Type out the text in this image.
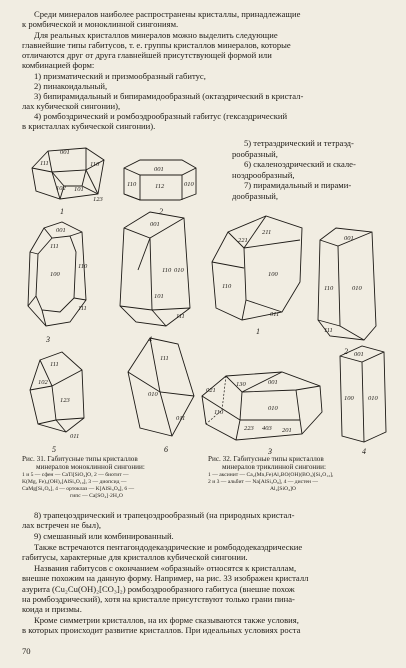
Среди минералов наиболее распространены кристаллы, принадлежащие
к ромбической и моноклинной сингониям.
Для реальных кристаллов минералов можно выделить следующие
главнейшие типы габитусов, т. е. группы кристаллов минералов, которые
отличаются друг от друга главнейшей присутствующей формой или
комбинацией форм:
1) призматический и призмообразный габитус,
2) пинакоидальный,
3) бипирамидальный и бипирамидообразный (октаэдрический в кристал-
лах кубической сингонии),
4) ромбоэдрический и ромбоэдрообразный габитус (гексаэдрический
в кристаллах кубической сингонии).
5) тетраэдрический и тетраэд-
рообразный,
6) скаленоэдрический и скале-
ноэдрообразный,
7) пирамидальный и пирами-
дообразный,
001
111	110
102 101
123
1
001
110	112	010
2
001
111
110
100
111
3
001
110
101
010
111
4
111
102
123
011
5
010
111
011
6
221
211
110
100
011
1
001
110	010
111
2
021
130	001
110
010
223 403 201
3
100 010
001
4
Рис. 31. Габитусные типы кристаллов
минералов моноклинной сингонии:
1 и 5 — сфен — CaTi[SiO₄]O, 2 — биотит —
K(Mg, Fe)₃(OH)₂[AlSi₃O₁₀], 3 — диопсид —
CaMg[Si₂O₆], 4 — ортоклаз — K[AlSi₃O₈], 6 —
гипс — Ca[SO₄]·2H₂O
Рис. 32. Габитусные типы кристаллов
минералов триклинной сингонии:
1 — аксинит — Ca₂(Mn,Fe)Al₂BO(OH)(BO₃)[Si₄O₁₂],
2 и 3 — альбит — Na[AlSi₃O₈], 4 — дистен —
Al₂[SiO₄]O
8) трапецоэдрический и трапецоэдрообразный (на природных кристал-
лах встречен не был),
9) смешанный или комбинированный.
Также встречаются пентагондодекаэдрические и ромбододекаэдрические
габитусы, характерные для кристаллов кубической сингонии.
Названия габитусов с окончанием «образный» относятся к кристаллам,
внешне похожим на данную форму. Например, на рис. 33 изображен кристалл
азурита (Cu₂Cu(OH)₂[CO₃]₂) ромбоэдрообразного габитуса (внешне похож
на ромбоэдрический), хотя на кристалле присутствуют только грани пина-
коида и призмы.
Кроме симметрии кристаллов, на их форме сказываются также условия,
в которых происходит развитие кристаллов. При идеальных условиях роста
70
